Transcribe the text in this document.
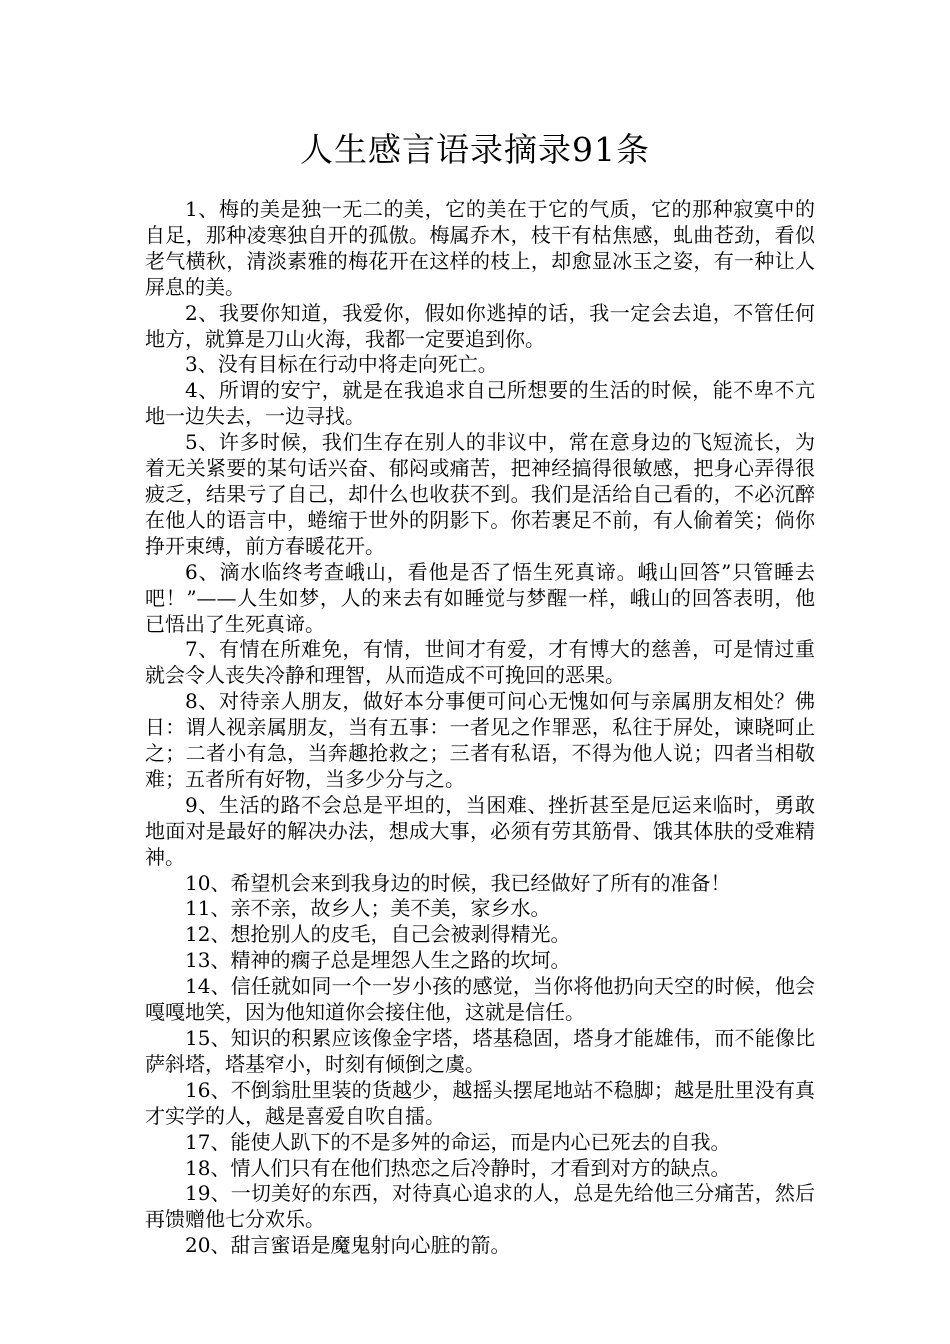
人生感言语录摘录91条

1、梅的美是独一无二的美，它的美在于它的气质，它的那种寂寞中的自足，那种凌寒独自开的孤傲。梅属乔木，枝干有枯焦感，虬曲苍劲，看似老气横秋，清淡素雅的梅花开在这样的枝上，却愈显冰玉之姿，有一种让人屏息的美。

2、我要你知道，我爱你，假如你逃掉的话，我一定会去追，不管任何地方，就算是刀山火海，我都一定要追到你。

3、没有目标在行动中将走向死亡。

4、所谓的安宁，就是在我追求自己所想要的生活的时候，能不卑不亢地一边失去，一边寻找。

5、许多时候，我们生存在别人的非议中，常在意身边的飞短流长，为着无关紧要的某句话兴奋、郁闷或痛苦，把神经搞得很敏感，把身心弄得很疲乏，结果亏了自己，却什么也收获不到。我们是活给自己看的，不必沉醉在他人的语言中，蜷缩于世外的阴影下。你若裹足不前，有人偷着笑；倘你挣开束缚，前方春暖花开。

6、滴水临终考查峨山，看他是否了悟生死真谛。峨山回答”只管睡去吧！”——人生如梦，人的来去有如睡觉与梦醒一样，峨山的回答表明，他已悟出了生死真谛。

7、有情在所难免，有情，世间才有爱，才有博大的慈善，可是情过重就会令人丧失冷静和理智，从而造成不可挽回的恶果。

8、对待亲人朋友，做好本分事便可问心无愧如何与亲属朋友相处？佛日：谓人视亲属朋友，当有五事：一者见之作罪恶，私往于屏处，谏晓呵止之；二者小有急，当奔趣抢救之；三者有私语，不得为他人说；四者当相敬难；五者所有好物，当多少分与之。

9、生活的路不会总是平坦的，当困难、挫折甚至是厄运来临时，勇敢地面对是最好的解决办法，想成大事，必须有劳其筋骨、饿其体肤的受难精神。

10、希望机会来到我身边的时候，我已经做好了所有的准备！

11、亲不亲，故乡人；美不美，家乡水。

12、想抢别人的皮毛，自己会被剥得精光。

13、精神的瘸子总是埋怨人生之路的坎坷。

14、信任就如同一个一岁小孩的感觉，当你将他扔向天空的时候，他会嘎嘎地笑，因为他知道你会接住他，这就是信任。

15、知识的积累应该像金字塔，塔基稳固，塔身才能雄伟，而不能像比萨斜塔，塔基窄小，时刻有倾倒之虞。

16、不倒翁肚里装的货越少，越摇头摆尾地站不稳脚；越是肚里没有真才实学的人，越是喜爱自吹自擂。

17、能使人趴下的不是多舛的命运，而是内心已死去的自我。

18、情人们只有在他们热恋之后冷静时，才看到对方的缺点。

19、一切美好的东西，对待真心追求的人，总是先给他三分痛苦，然后再馈赠他七分欢乐。

20、甜言蜜语是魔鬼射向心脏的箭。
